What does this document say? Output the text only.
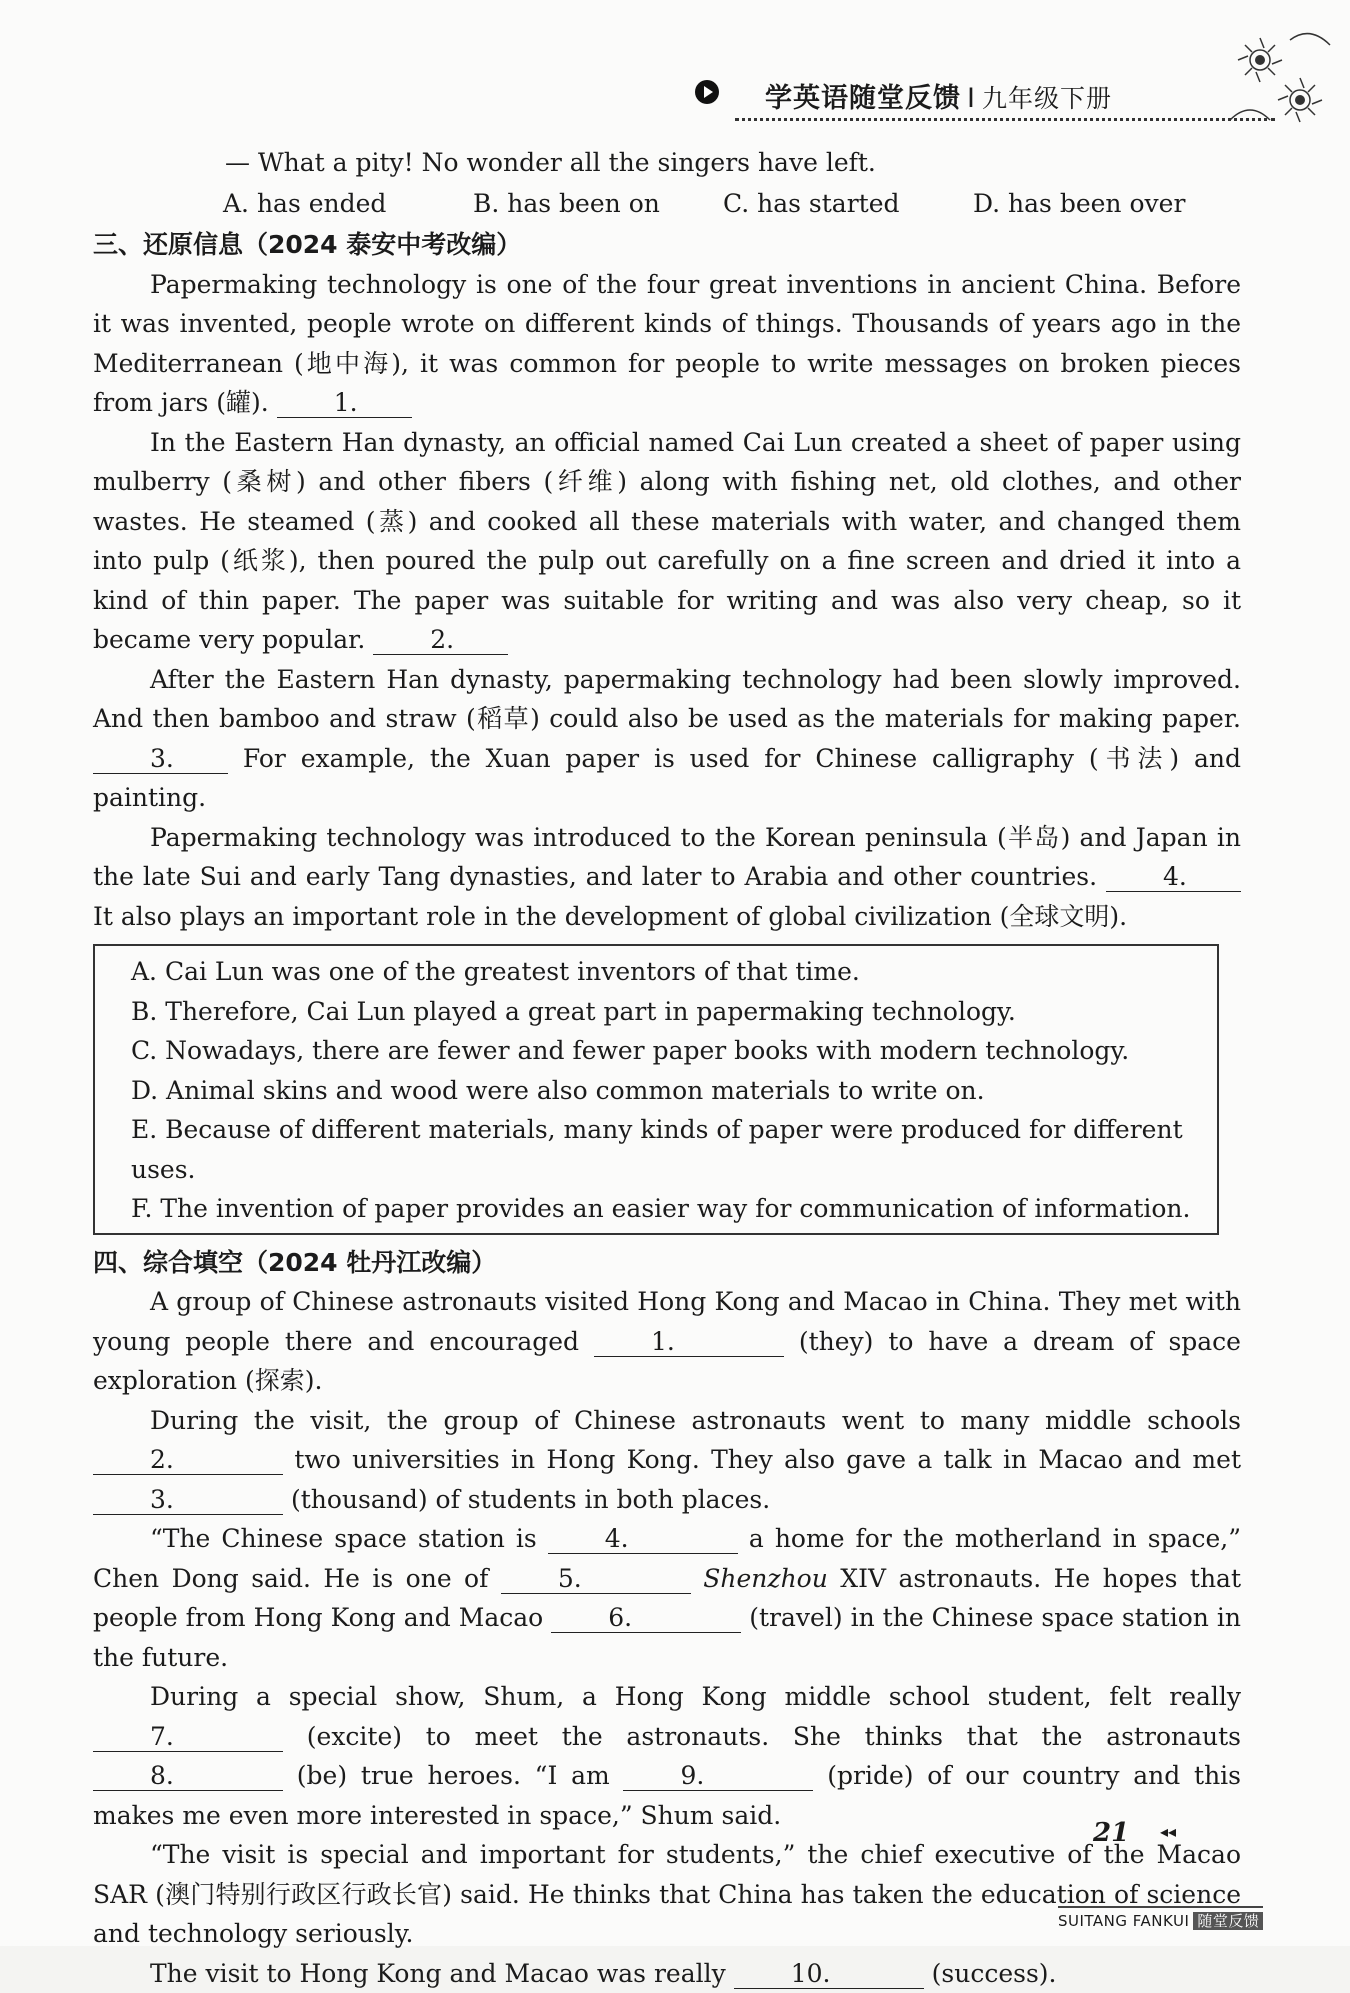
学英语随堂反馈 I 九年级下册

— What a pity! No wonder all the singers have left.

A. has ended	B. has been on	C. has started	D. has been over

三、还原信息（2024 泰安中考改编）

Papermaking technology is one of the four great inventions in ancient China. Before it was invented, people wrote on different kinds of things. Thousands of years ago in the Mediterranean (地中海), it was common for people to write messages on broken pieces from jars (罐).	1.

In the Eastern Han dynasty, an official named Cai Lun created a sheet of paper using mulberry (桑树) and other fibers (纤维) along with fishing net, old clothes, and other wastes. He steamed (蒸) and cooked all these materials with water, and changed them into pulp (纸浆), then poured the pulp out carefully on a fine screen and dried it into a kind of thin paper. The paper was suitable for writing and was also very cheap, so it became very popular.	2.

After the Eastern Han dynasty, papermaking technology had been slowly improved. And then bamboo and straw (稻草) could also be used as the materials for making paper. 3.	For example, the Xuan paper is used for Chinese calligraphy (书法) and painting.

Papermaking technology was introduced to the Korean peninsula (半岛) and Japan in the late Sui and early Tang dynasties, and later to Arabia and other countries.	4. It also plays an important role in the development of global civilization (全球文明).

A. Cai Lun was one of the greatest inventors of that time.
B. Therefore, Cai Lun played a great part in papermaking technology.
C. Nowadays, there are fewer and fewer paper books with modern technology.
D. Animal skins and wood were also common materials to write on.
E. Because of different materials, many kinds of paper were produced for different uses.
F. The invention of paper provides an easier way for communication of information.

四、综合填空（2024 牡丹江改编）

A group of Chinese astronauts visited Hong Kong and Macao in China. They met with young people there and encouraged	1.	(they) to have a dream of space exploration (探索).

During the visit, the group of Chinese astronauts went to many middle schools 2.	two universities in Hong Kong. They also gave a talk in Macao and met 3.	(thousand) of students in both places.

“The Chinese space station is	4.	a home for the motherland in space,” Chen Dong said. He is one of	5.	Shenzhou XIV astronauts. He hopes that people from Hong Kong and Macao	6.	(travel) in the Chinese space station in the future.

During a special show, Shum, a Hong Kong middle school student, felt really 7.	(excite) to meet the astronauts. She thinks that the astronauts 8.	(be) true heroes. “I am	9.	(pride) of our country and this makes me even more interested in space,” Shum said.

“The visit is special and important for students,” the chief executive of the Macao SAR (澳门特别行政区行政长官) said. He thinks that China has taken the education of science and technology seriously.

The visit to Hong Kong and Macao was really	10.	(success).

21 ◂◂
SUITANG FANKUI 随堂反馈
